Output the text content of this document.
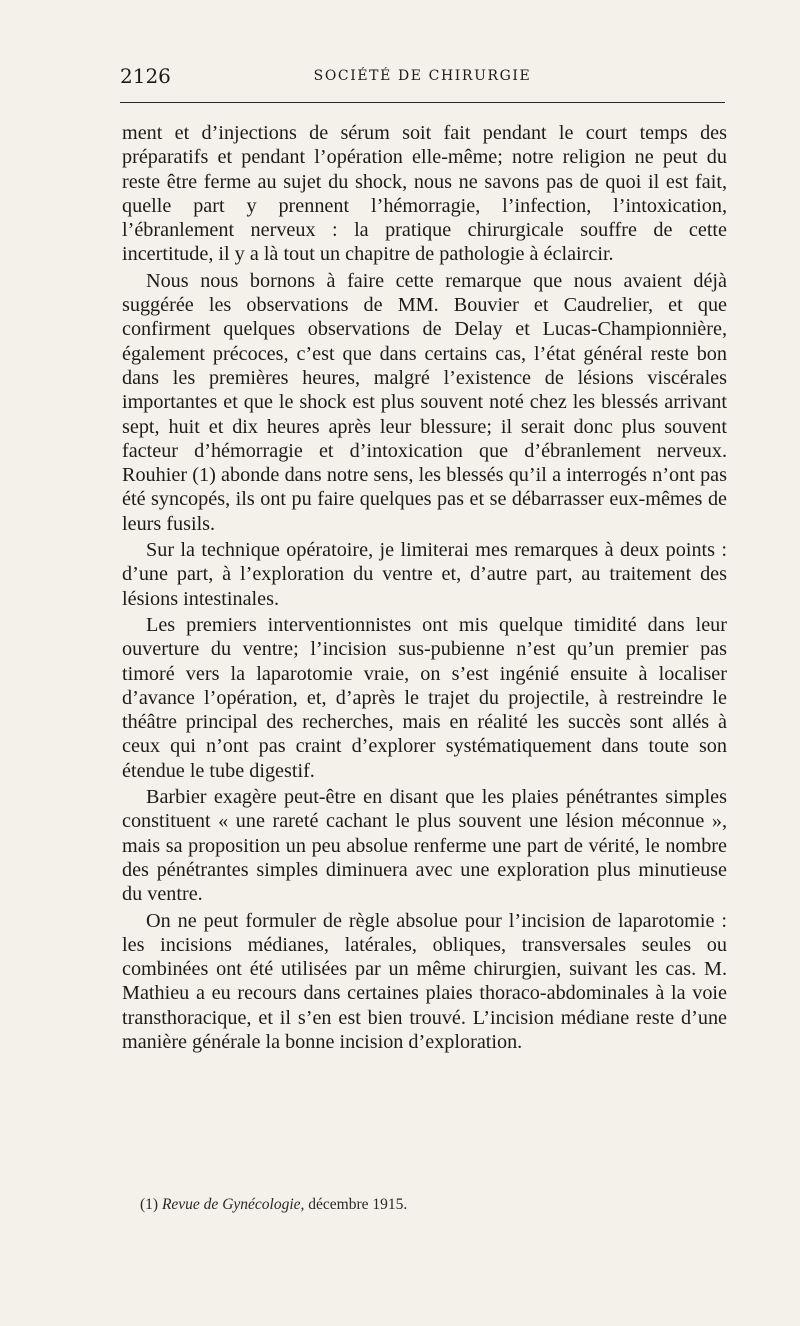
2126	SOCIÉTÉ DE CHIRURGIE

ment et d’injections de sérum soit fait pendant le court temps des préparatifs et pendant l’opération elle-même; notre religion ne peut du reste être ferme au sujet du shock, nous ne savons pas de quoi il est fait, quelle part y prennent l’hémorragie, l’infection, l’intoxication, l’ébranlement nerveux : la pratique chirurgicale souffre de cette incertitude, il y a là tout un chapitre de pathologie à éclaircir.

Nous nous bornons à faire cette remarque que nous avaient déjà suggérée les observations de MM. Bouvier et Caudrelier, et que confirment quelques observations de Delay et Lucas-Championnière, également précoces, c’est que dans certains cas, l’état général reste bon dans les premières heures, malgré l’existence de lésions viscérales importantes et que le shock est plus souvent noté chez les blessés arrivant sept, huit et dix heures après leur blessure; il serait donc plus souvent facteur d’hémorragie et d’intoxication que d’ébranlement nerveux. Rouhier (1) abonde dans notre sens, les blessés qu’il a interrogés n’ont pas été syncopés, ils ont pu faire quelques pas et se débarrasser eux-mêmes de leurs fusils.

Sur la technique opératoire, je limiterai mes remarques à deux points : d’une part, à l’exploration du ventre et, d’autre part, au traitement des lésions intestinales.

Les premiers interventionnistes ont mis quelque timidité dans leur ouverture du ventre; l’incision sus-pubienne n’est qu’un premier pas timoré vers la laparotomie vraie, on s’est ingénié ensuite à localiser d’avance l’opération, et, d’après le trajet du projectile, à restreindre le théâtre principal des recherches, mais en réalité les succès sont allés à ceux qui n’ont pas craint d’explorer systématiquement dans toute son étendue le tube digestif.

Barbier exagère peut-être en disant que les plaies pénétrantes simples constituent « une rareté cachant le plus souvent une lésion méconnue », mais sa proposition un peu absolue renferme une part de vérité, le nombre des pénétrantes simples diminuera avec une exploration plus minutieuse du ventre.

On ne peut formuler de règle absolue pour l’incision de laparotomie : les incisions médianes, latérales, obliques, transversales seules ou combinées ont été utilisées par un même chirurgien, suivant les cas. M. Mathieu a eu recours dans certaines plaies thoraco-abdominales à la voie transthoracique, et il s’en est bien trouvé. L’incision médiane reste d’une manière générale la bonne incision d’exploration.

(1) Revue de Gynécologie, décembre 1915.
